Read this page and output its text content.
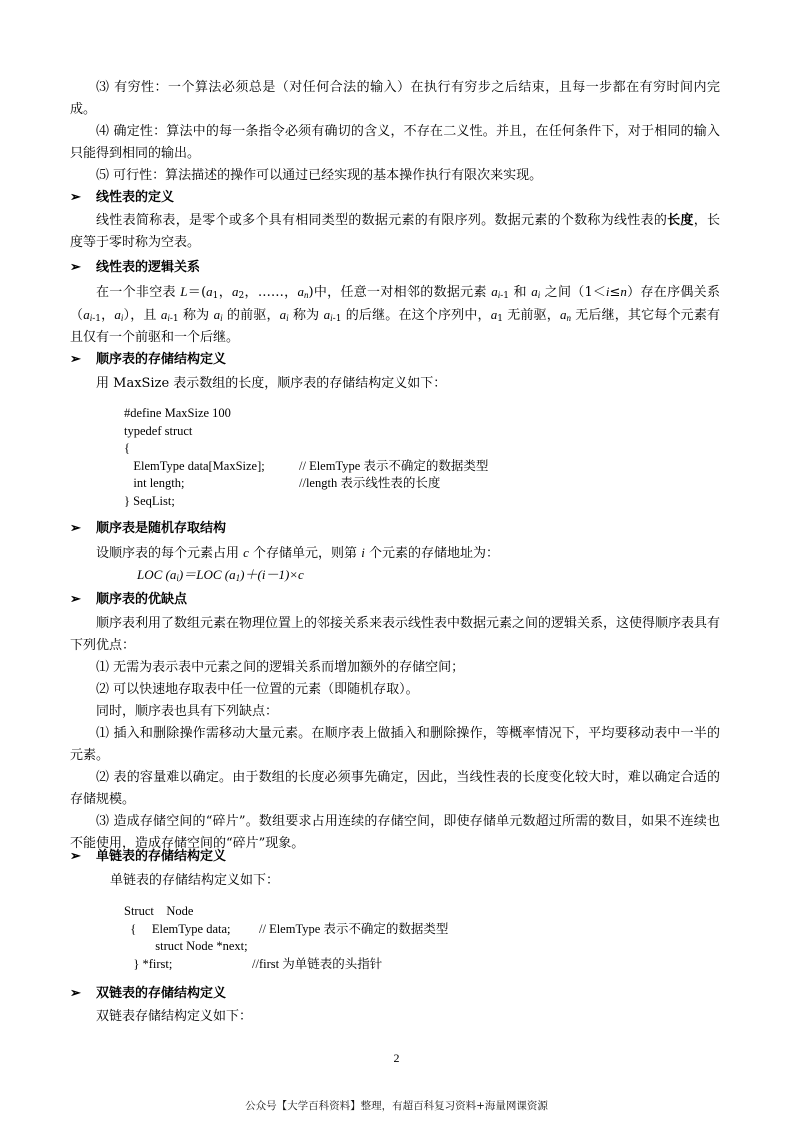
⑶ 有穷性：一个算法必须总是（对任何合法的输入）在执行有穷步之后结束，且每一步都在有穷时间内完成。

⑷ 确定性：算法中的每一条指令必须有确切的含义，不存在二义性。并且，在任何条件下，对于相同的输入只能得到相同的输出。

⑸ 可行性：算法描述的操作可以通过已经实现的基本操作执行有限次来实现。

➢ 线性表的定义

线性表简称表，是零个或多个具有相同类型的数据元素的有限序列。数据元素的个数称为线性表的长度，长度等于零时称为空表。

➢ 线性表的逻辑关系

在一个非空表 $L=(a_1$，$a_2$，……，$a_n$)中，任意一对相邻的数据元素 $a_{i-1}$ 和 $a_i$ 之间（1＜i≤n）存在序偶关系（$a_{i-1}$，$a_i$），且 $a_{i-1}$ 称为 $a_i$ 的前驱，$a_i$ 称为 $a_{i-1}$ 的后继。在这个序列中，$a_1$ 无前驱，$a_n$ 无后继，其它每个元素有且仅有一个前驱和一个后继。

➢ 顺序表的存储结构定义

用 MaxSize 表示数组的长度，顺序表的存储结构定义如下：

#define MaxSize 100
typedef struct
{
ElemType data[MaxSize];
int length;
} SeqList;
// ElemType 表示不确定的数据类型
//length 表示线性表的长度
➢ 顺序表是随机存取结构

设顺序表的每个元素占用 c 个存储单元，则第 i 个元素的存储地址为：

LOC $(a_i)=LOC$ $(a_1)+(i-1)\times c$
➢ 顺序表的优缺点

顺序表利用了数组元素在物理位置上的邻接关系来表示线性表中数据元素之间的逻辑关系，这使得顺序表具有下列优点：

⑴ 无需为表示表中元素之间的逻辑关系而增加额外的存储空间；

⑵ 可以快速地存取表中任一位置的元素（即随机存取）。

同时，顺序表也具有下列缺点：

⑴ 插入和删除操作需移动大量元素。在顺序表上做插入和删除操作，等概率情况下，平均要移动表中一半的元素。

⑵ 表的容量难以确定。由于数组的长度必须事先确定，因此，当线性表的长度变化较大时，难以确定合适的存储规模。

⑶ 造成存储空间的“碎片”。数组要求占用连续的存储空间，即使存储单元数超过所需的数目，如果不连续也不能使用，造成存储空间的“碎片”现象。

➢ 单链表的存储结构定义

单链表的存储结构定义如下：

Struct    Node
{     ElemType data;
struct Node *next;
} *first;
// ElemType 表示不确定的数据类型
//first 为单链表的头指针
➢ 双链表的存储结构定义

双链表存储结构定义如下：

2
公众号【大学百科资料】整理，有超百科复习资料+海量网课资源
